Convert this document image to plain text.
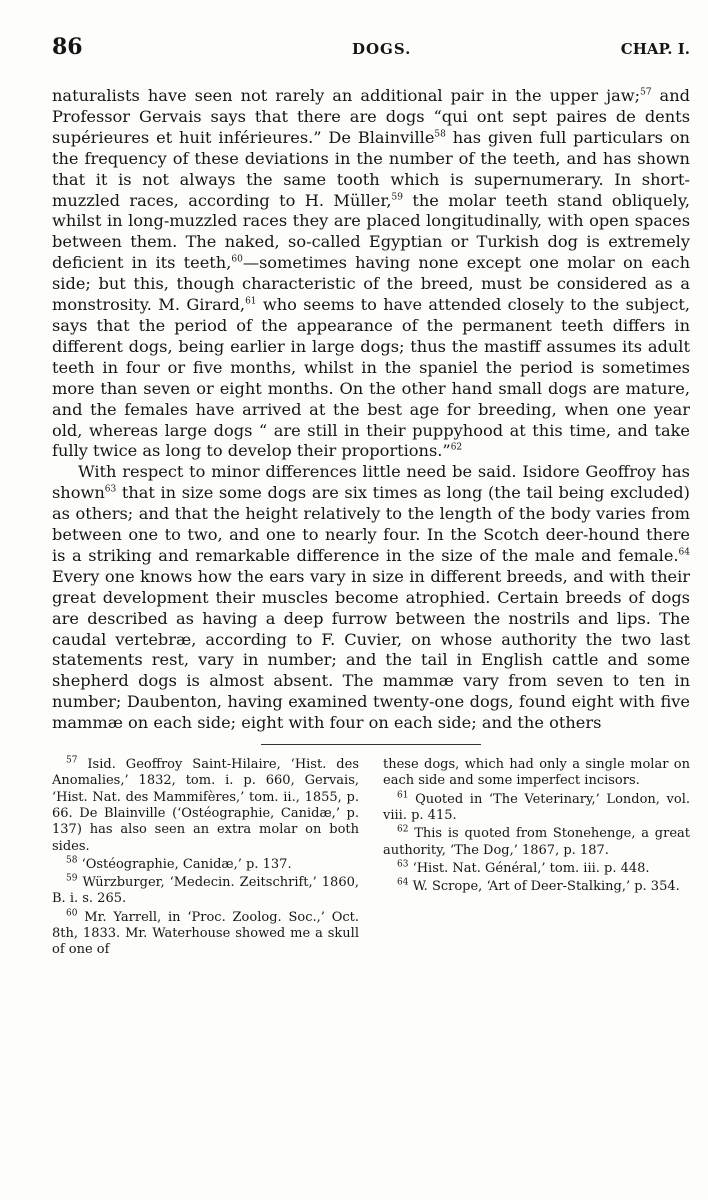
86	DOGS.	CHAP. I.

naturalists have seen not rarely an additional pair in the upper jaw;$^{57}$ and Professor Gervais says that there are dogs “qui ont sept paires de dents supérieures et huit inférieures.” De Blainville$^{58}$ has given full particulars on the frequency of these deviations in the number of the teeth, and has shown that it is not always the same tooth which is supernumerary. In short-muzzled races, according to H. Müller,$^{59}$ the molar teeth stand obliquely, whilst in long-muzzled races they are placed longitudinally, with open spaces between them. The naked, so-called Egyptian or Turkish dog is extremely deficient in its teeth,$^{60}$—sometimes having none except one molar on each side; but this, though characteristic of the breed, must be considered as a monstrosity. M. Girard,$^{61}$ who seems to have attended closely to the subject, says that the period of the appearance of the permanent teeth differs in different dogs, being earlier in large dogs; thus the mastiff assumes its adult teeth in four or five months, whilst in the spaniel the period is sometimes more than seven or eight months. On the other hand small dogs are mature, and the females have arrived at the best age for breeding, when one year old, whereas large dogs “ are still in their puppyhood at this time, and take fully twice as long to develop their proportions.”$^{62}$

With respect to minor differences little need be said. Isidore Geoffroy has shown$^{63}$ that in size some dogs are six times as long (the tail being excluded) as others; and that the height relatively to the length of the body varies from between one to two, and one to nearly four. In the Scotch deer-hound there is a striking and remarkable difference in the size of the male and female.$^{64}$ Every one knows how the ears vary in size in different breeds, and with their great development their muscles become atrophied. Certain breeds of dogs are described as having a deep furrow between the nostrils and lips. The caudal vertebræ, according to F. Cuvier, on whose authority the two last statements rest, vary in number; and the tail in English cattle and some shepherd dogs is almost absent. The mammæ vary from seven to ten in number; Daubenton, having examined twenty-one dogs, found eight with five mammæ on each side; eight with four on each side; and the others

$^{57}$ Isid. Geoffroy Saint-Hilaire, ‘Hist. des Anomalies,’ 1832, tom. i. p. 660, Gervais, ‘Hist. Nat. des Mammifères,’ tom. ii., 1855, p. 66. De Blainville (‘Ostéographie, Canidæ,’ p. 137) has also seen an extra molar on both sides.

$^{58}$ ‘Ostéographie, Canidæ,’ p. 137.

$^{59}$ Würzburger, ‘Medecin. Zeitschrift,’ 1860, B. i. s. 265.

$^{60}$ Mr. Yarrell, in ‘Proc. Zoolog. Soc.,’ Oct. 8th, 1833. Mr. Waterhouse showed me a skull of one of

these dogs, which had only a single molar on each side and some imperfect incisors.

$^{61}$ Quoted in ‘The Veterinary,’ London, vol. viii. p. 415.

$^{62}$ This is quoted from Stonehenge, a great authority, ‘The Dog,’ 1867, p. 187.

$^{63}$ ‘Hist. Nat. Général,’ tom. iii. p. 448.

$^{64}$ W. Scrope, ‘Art of Deer-Stalking,’ p. 354.
